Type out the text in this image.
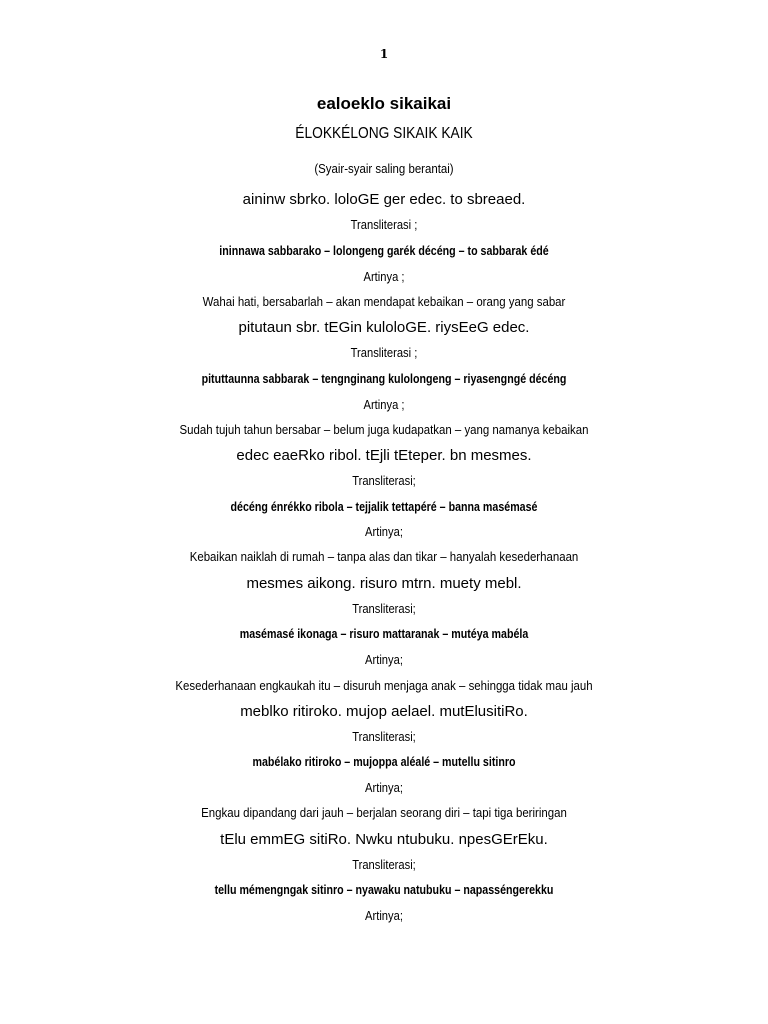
1
ealoeklo sikaikai
ÉLOKKÉLONG SIKAIK KAIK
(Syair-syair saling berantai)
aininw sbrko. loloGE ger edec. to sbreaed.
Transliterasi ;
ininnawa sabbarako – lolongeng garék décéng – to sabbarak édé
Artinya ;
Wahai hati, bersabarlah – akan mendapat kebaikan – orang yang sabar
pitutaun sbr. tEGin kulol​oGE. riysEeG edec.
Transliterasi ;
pituttaunna sabbarak – tengnginang kulolongeng – riyasengngé décéng
Artinya ;
Sudah tujuh tahun bersabar – belum juga kudapatkan – yang namanya kebaikan
edec eaeRko ribol. tEjli tEteper. bn mesmes.
Transliterasi;
décéng énrékko ribola – tejjalik tettapéré – banna masémasé
Artinya;
Kebaikan naiklah di rumah – tanpa alas dan tikar – hanyalah kesederhanaan
mesmes aikong. risuro mtrn. muety mebl.
Transliterasi;
masémasé ikonaga – risuro mattaranak – mutéya mabéla
Artinya;
Kesederhanaan engkaukah itu – disuruh menjaga anak – sehingga tidak mau jauh
meblko ritiroko. mujop aelael. mutElusitiRo.
Transliterasi;
mabélako ritiroko – mujoppa aléalé – mutellu sitinro
Artinya;
Engkau dipandang dari jauh – berjalan seorang diri – tapi tiga beriringan
tElu emmEG sitiRo. Nwku ntubuku. npesGErEku.
Transliterasi;
tellu mémengngak sitinro – nyawaku natubuku – napasséngerekku
Artinya;
